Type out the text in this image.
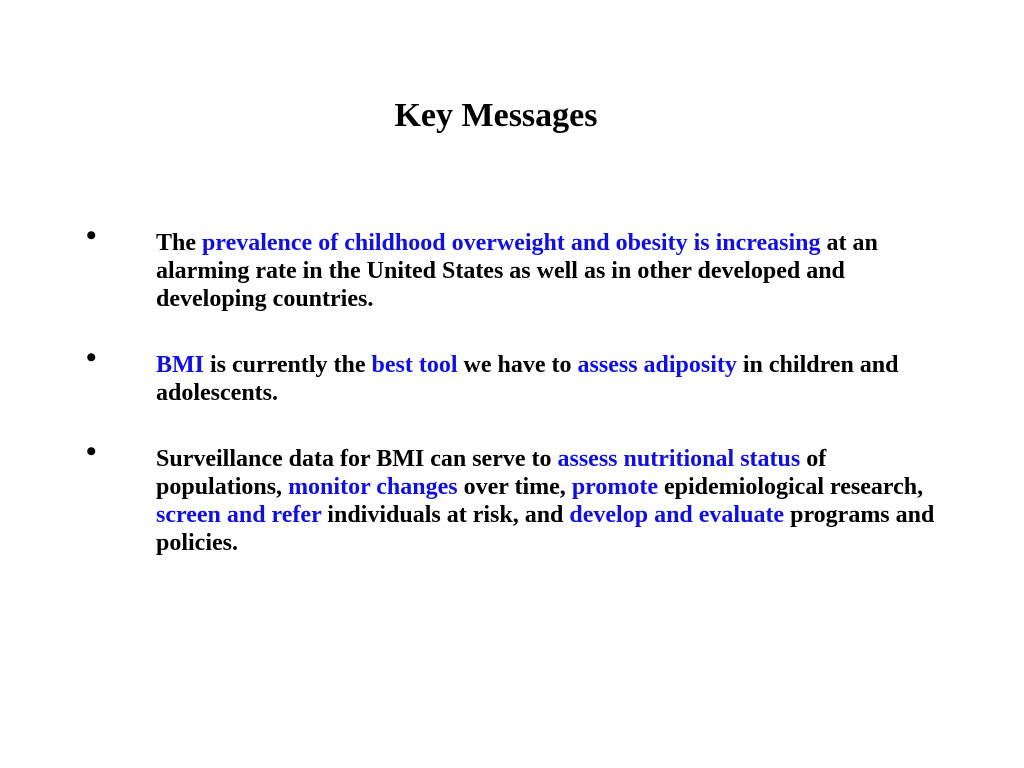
Key Messages
• The prevalence of childhood overweight and obesity is increasing at an alarming rate in the United States as well as in other developed and developing countries.
• BMI is currently the best tool we have to assess adiposity in children and adolescents.
• Surveillance data for BMI can serve to assess nutritional status of populations, monitor changes over time, promote epidemiological research, screen and refer individuals at risk, and develop and evaluate programs and policies.
